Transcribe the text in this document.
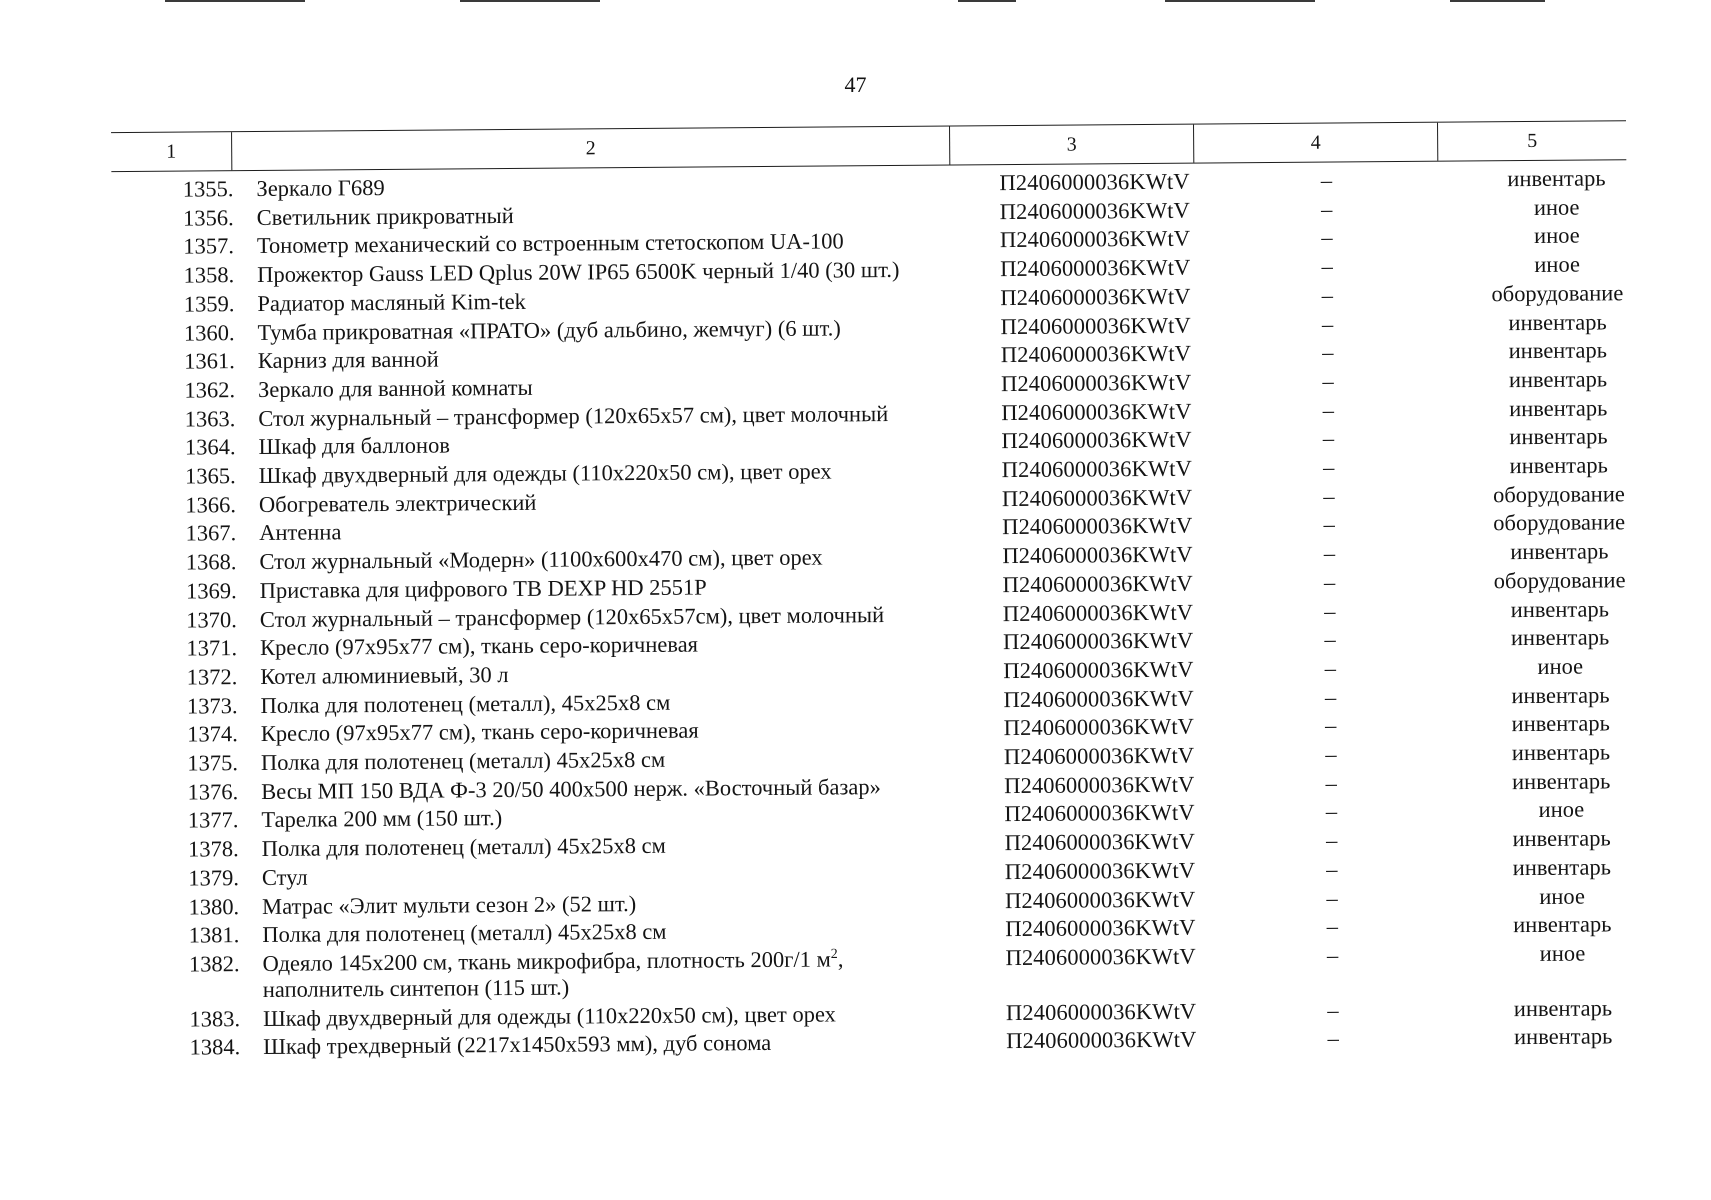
47
1	2	3	4	5
1355. Зеркало Г689	П2406000036KWtV	–	инвентарь
1356. Светильник прикроватный	П2406000036KWtV	–	иное
1357. Тонометр механический со встроенным стетоскопом UA-100	П2406000036KWtV	–	иное
1358. Прожектор Gauss LED Qplus 20W IP65 6500K черный 1/40 (30 шт.)	П2406000036KWtV	–	иное
1359. Радиатор масляный Kim-tek	П2406000036KWtV	–	оборудование
1360. Тумба прикроватная «ПРАТО» (дуб альбино, жемчуг) (6 шт.)	П2406000036KWtV	–	инвентарь
1361. Карниз для ванной	П2406000036KWtV	–	инвентарь
1362. Зеркало для ванной комнаты	П2406000036KWtV	–	инвентарь
1363. Стол журнальный – трансформер (120х65х57 см), цвет молочный	П2406000036KWtV	–	инвентарь
1364. Шкаф для баллонов	П2406000036KWtV	–	инвентарь
1365. Шкаф двухдверный для одежды (110х220х50 см), цвет орех	П2406000036KWtV	–	инвентарь
1366. Обогреватель электрический	П2406000036KWtV	–	оборудование
1367. Антенна	П2406000036KWtV	–	оборудование
1368. Стол журнальный «Модерн» (1100х600х470 см), цвет орех	П2406000036KWtV	–	инвентарь
1369. Приставка для цифрового ТВ DEXP HD 2551P	П2406000036KWtV	–	оборудование
1370. Стол журнальный – трансформер (120х65х57см), цвет молочный	П2406000036KWtV	–	инвентарь
1371. Кресло (97х95х77 см), ткань серо-коричневая	П2406000036KWtV	–	инвентарь
1372. Котел алюминиевый, 30 л	П2406000036KWtV	–	иное
1373. Полка для полотенец (металл), 45х25х8 см	П2406000036KWtV	–	инвентарь
1374. Кресло (97х95х77 см), ткань серо-коричневая	П2406000036KWtV	–	инвентарь
1375. Полка для полотенец (металл) 45х25х8 см	П2406000036KWtV	–	инвентарь
1376. Весы МП 150 ВДА Ф-3 20/50 400х500 нерж. «Восточный базар»	П2406000036KWtV	–	инвентарь
1377. Тарелка 200 мм (150 шт.)	П2406000036KWtV	–	иное
1378. Полка для полотенец (металл) 45х25х8 см	П2406000036KWtV	–	инвентарь
1379. Стул	П2406000036KWtV	–	инвентарь
1380. Матрас «Элит мульти сезон 2» (52 шт.)	П2406000036KWtV	–	иное
1381. Полка для полотенец (металл) 45х25х8 см	П2406000036KWtV	–	инвентарь
1382. Одеяло 145х200 см, ткань микрофибра, плотность 200г/1 $м^2$,
наполнитель синтепон (115 шт.)
П2406000036KWtV	–	иное
1383. Шкаф двухдверный для одежды (110х220х50 см), цвет орех	П2406000036KWtV	–	инвентарь
1384. Шкаф трехдверный (2217х1450х593 мм), дуб сонома	П2406000036KWtV	–	инвентарь
